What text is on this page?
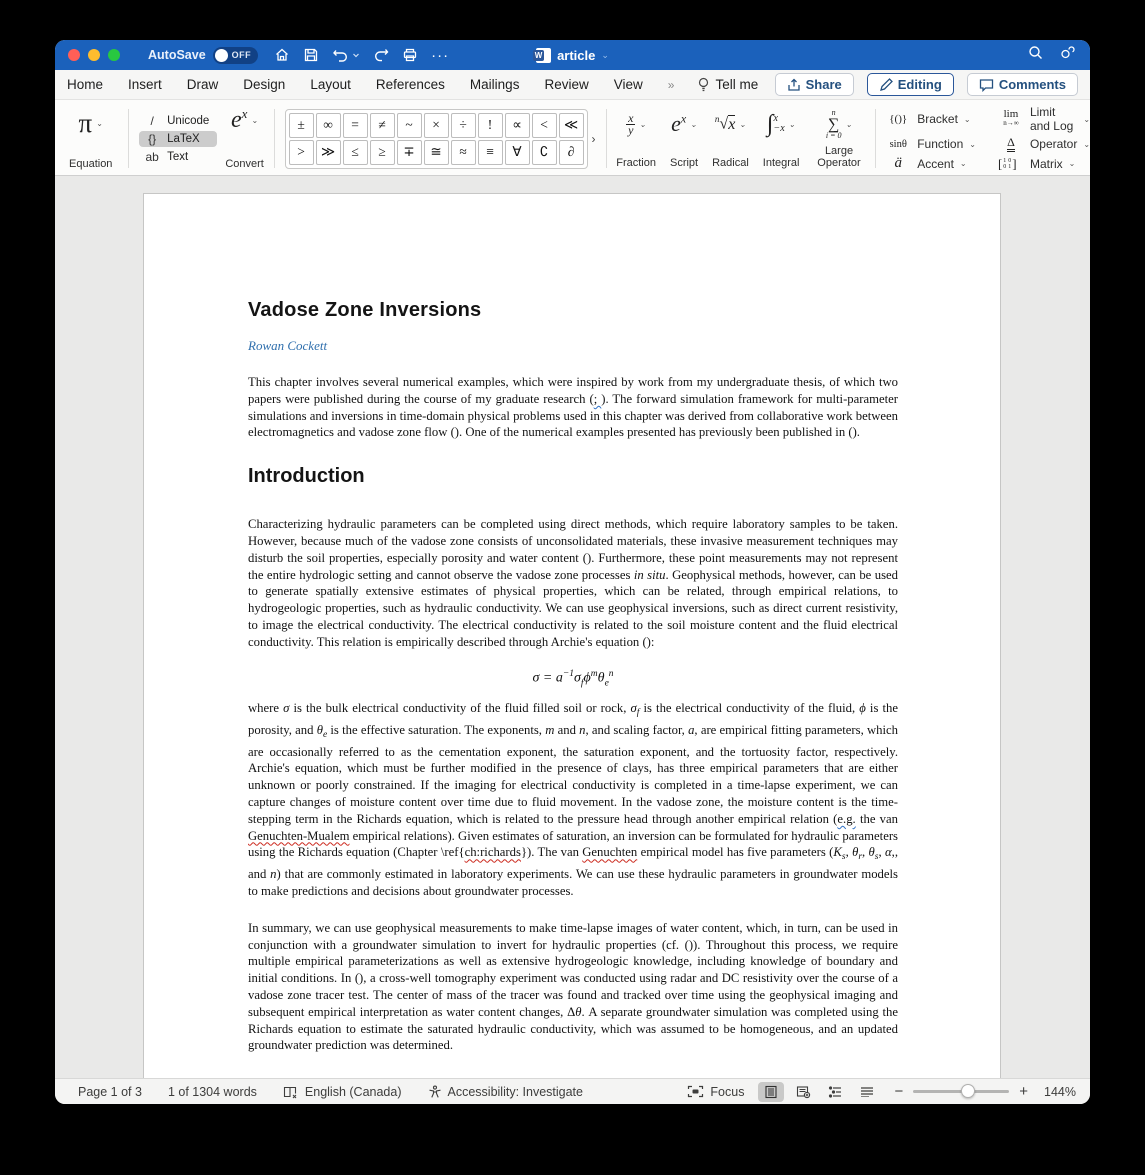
AutoSave	OFF	···	W article ⌄
Home Insert Draw Design Layout References Mailings Review View »	Tell me	Share	Editing	Comments
π ⌄
Equation
/	Unicode
{} LaTeX
ab Text
$e^x$ ⌄
Convert
±	∞	=	≠	~	×	÷	!	∝	<	≪
>	≫	≤	≥	∓	≅	≈	≡	∀	∁	∂
›
$\frac{x}{y}$ ⌄
Fraction
$e^x$ ⌄
Script
$^n$√x ⌄
Radical
∫ x
−x ⌄
Integral
n
∑
i = 0
⌄
Large Operator
{()} Bracket ⌄	lim
n→∞
Limit and Log	⌄
sinθ Function ⌄	Δ Operator ⌄
ä	Accent ⌄ [ 1 0
0 1 ] Matrix ⌄
Vadose Zone Inversions
Rowan Cockett
This chapter involves several numerical examples, which were inspired by work from my undergraduate thesis, of which two papers were published during the course of my graduate research (; ). The forward simulation framework for multi-parameter simulations and inversions in time-domain physical problems used in this chapter was derived from collaborative work between electromagnetics and vadose zone flow (). One of the numerical examples presented has previously been published in ().
Introduction
Characterizing hydraulic parameters can be completed using direct methods, which require laboratory samples to be taken. However, because much of the vadose zone consists of unconsolidated materials, these invasive measurement techniques may disturb the soil properties, especially porosity and water content (). Furthermore, these point measurements may not represent the entire hydrologic setting and cannot observe the vadose zone processes in situ. Geophysical methods, however, can be used to generate spatially extensive estimates of physical properties, which can be related, through empirical relations, to hydrogeologic properties, such as hydraulic conductivity. We can use geophysical inversions, such as direct current resistivity, to image the electrical conductivity. The electrical conductivity is related to the soil moisture content and the fluid electrical conductivity. This relation is empirically described through Archie's equation ():
$\sigma = a^{-1}\sigma_f\phi^m\theta_e^n$
where σ is the bulk electrical conductivity of the fluid filled soil or rock, $\sigma_f$ is the electrical conductivity of the fluid, ϕ is the porosity, and $\theta_e$ is the effective saturation. The exponents, m and n, and scaling factor, a, are empirical fitting parameters, which are occasionally referred to as the cementation exponent, the saturation exponent, and the tortuosity factor, respectively. Archie's equation, which must be further modified in the presence of clays, has three empirical parameters that are either unknown or poorly constrained. If the imaging for electrical conductivity is completed in a time-lapse experiment, we can capture changes of moisture content over time due to fluid movement. In the vadose zone, the moisture content is the time-stepping term in the Richards equation, which is related to the pressure head through another empirical relation (e.g. the van Genuchten-Mualem empirical relations). Given estimates of saturation, an inversion can be formulated for hydraulic parameters using the Richards equation (Chapter \ref{ch:richards}). The van Genuchten empirical model has five parameters ($K_s$, $\theta_r$, $\theta_s$, α,, and n) that are commonly estimated in laboratory experiments. We can use these hydraulic parameters in groundwater models to make predictions and decisions about groundwater processes.
In summary, we can use geophysical measurements to make time-lapse images of water content, which, in turn, can be used in conjunction with a groundwater simulation to invert for hydraulic properties (cf. ()). Throughout this process, we require multiple empirical parameterizations as well as extensive hydrogeologic knowledge, including knowledge of boundary and initial conditions. In (), a cross-well tomography experiment was conducted using radar and DC resistivity over the course of a vadose zone tracer test. The center of mass of the tracer was found and tracked over time using the geophysical imaging and subsequent empirical interpretation as water content changes, Δθ. A separate groundwater simulation was completed using the Richards equation to estimate the saturated hydraulic conductivity, which was assumed to be homogeneous, and an updated groundwater prediction was determined.
Page 1 of 3 1 of 1304 words	English (Canada)	Accessibility: Investigate	Focus	−	+	144%
